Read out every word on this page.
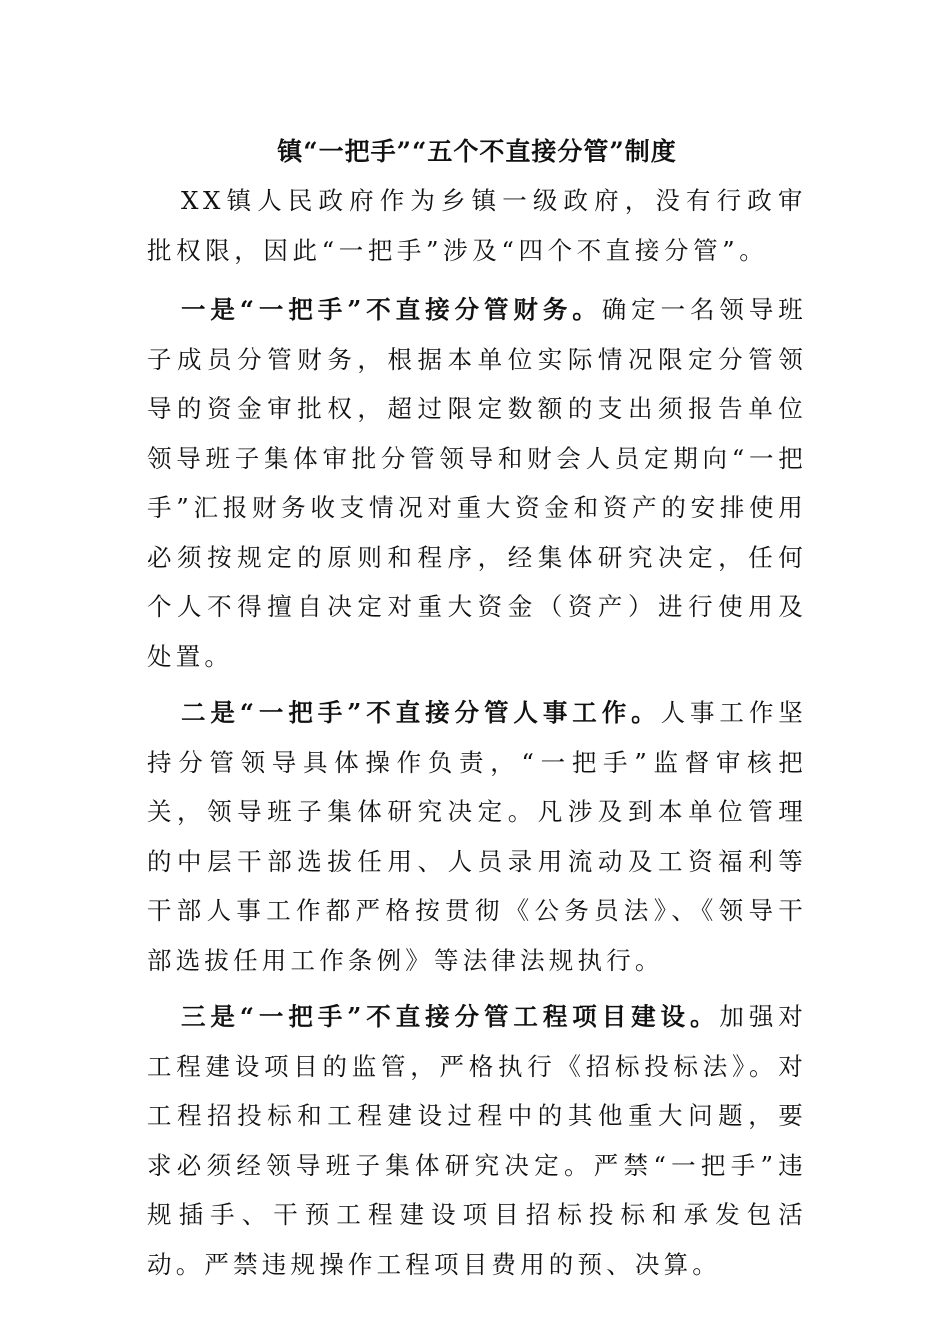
镇“一把手”“五个不直接分管”制度

XX镇人民政府作为乡镇一级政府，没有行政审批权限，因此“一把手”涉及“四个不直接分管”。

一是“一把手”不直接分管财务。确定一名领导班子成员分管财务，根据本单位实际情况限定分管领导的资金审批权，超过限定数额的支出须报告单位领导班子集体审批分管领导和财会人员定期向“一把手”汇报财务收支情况对重大资金和资产的安排使用必须按规定的原则和程序，经集体研究决定，任何个人不得擅自决定对重大资金（资产）进行使用及处置。

二是“一把手”不直接分管人事工作。人事工作坚持分管领导具体操作负责，“一把手”监督审核把关，领导班子集体研究决定。凡涉及到本单位管理的中层干部选拔任用、人员录用流动及工资福利等干部人事工作都严格按贯彻《公务员法》、《领导干部选拔任用工作条例》等法律法规执行。

三是“一把手”不直接分管工程项目建设。加强对工程建设项目的监管，严格执行《招标投标法》。对工程招投标和工程建设过程中的其他重大问题，要求必须经领导班子集体研究决定。严禁“一把手”违规插手、干预工程建设项目招标投标和承发包活动。严禁违规操作工程项目费用的预、决算。
